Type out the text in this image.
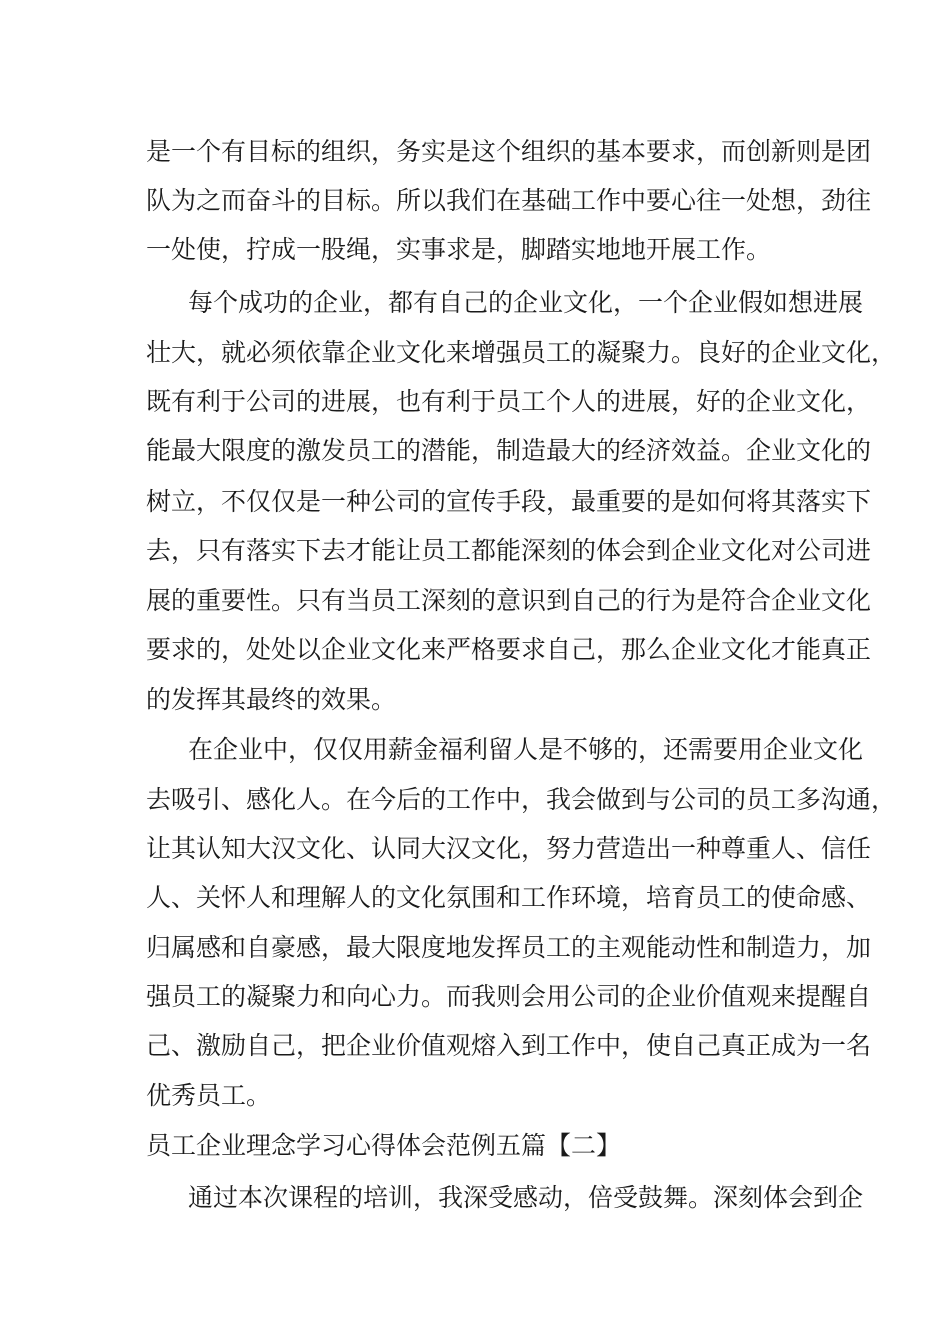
是一个有目标的组织，务实是这个组织的基本要求，而创新则是团
队为之而奋斗的目标。所以我们在基础工作中要心往一处想，劲往
一处使，拧成一股绳，实事求是，脚踏实地地开展工作。
每个成功的企业，都有自己的企业文化，一个企业假如想进展
壮大，就必须依靠企业文化来增强员工的凝聚力。良好的企业文化，
既有利于公司的进展，也有利于员工个人的进展，好的企业文化，
能最大限度的激发员工的潜能，制造最大的经济效益。企业文化的
树立，不仅仅是一种公司的宣传手段，最重要的是如何将其落实下
去，只有落实下去才能让员工都能深刻的体会到企业文化对公司进
展的重要性。只有当员工深刻的意识到自己的行为是符合企业文化
要求的，处处以企业文化来严格要求自己，那么企业文化才能真正
的发挥其最终的效果。
在企业中，仅仅用薪金福利留人是不够的，还需要用企业文化
去吸引、感化人。在今后的工作中，我会做到与公司的员工多沟通，
让其认知大汉文化、认同大汉文化，努力营造出一种尊重人、信任
人、关怀人和理解人的文化氛围和工作环境，培育员工的使命感、
归属感和自豪感，最大限度地发挥员工的主观能动性和制造力，加
强员工的凝聚力和向心力。而我则会用公司的企业价值观来提醒自
己、激励自己，把企业价值观熔入到工作中，使自己真正成为一名
优秀员工。
员工企业理念学习心得体会范例五篇【二】
通过本次课程的培训，我深受感动，倍受鼓舞。深刻体会到企
